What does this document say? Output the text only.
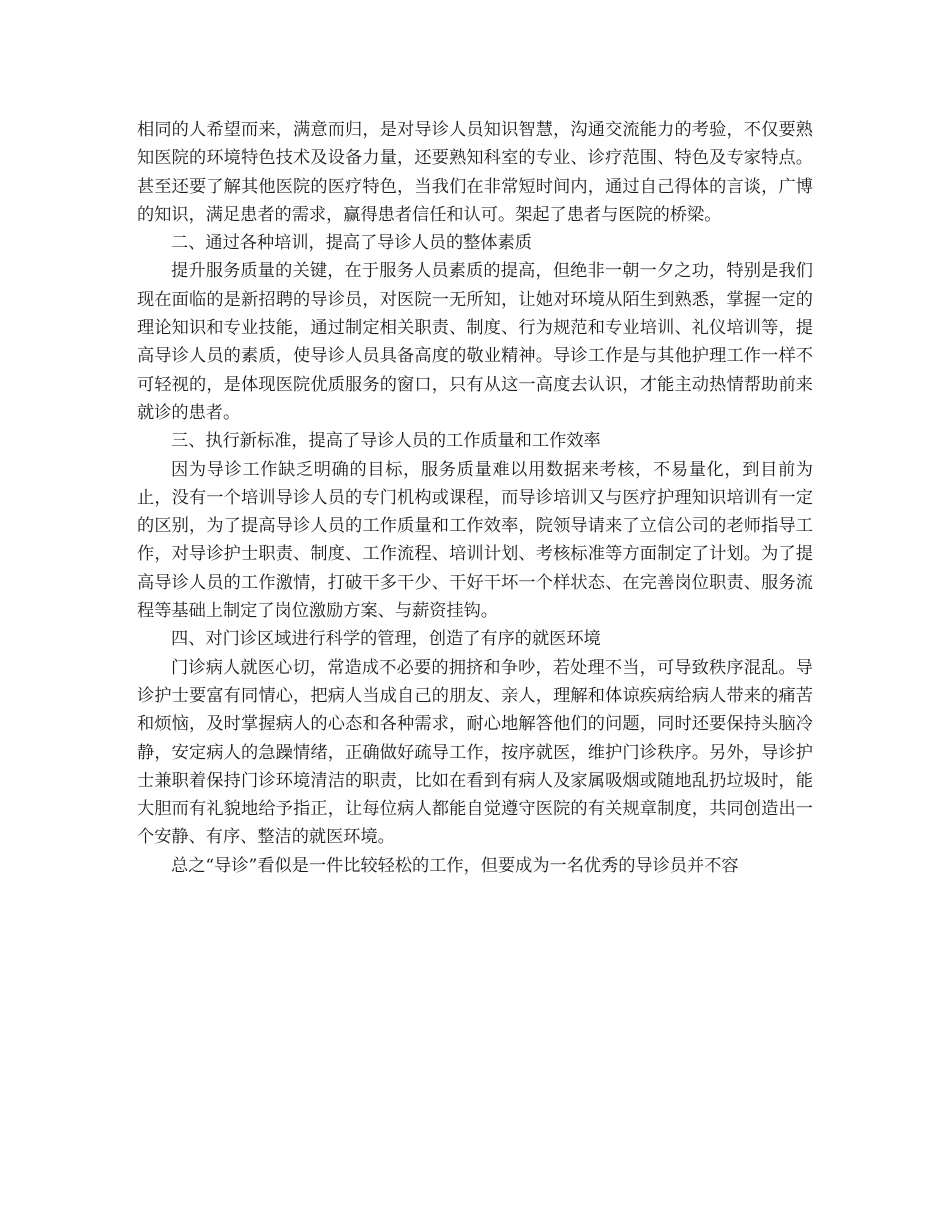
相同的人希望而来，满意而归，是对导诊人员知识智慧，沟通交流能力的考验，不仅要熟知医院的环境特色技术及设备力量，还要熟知科室的专业、诊疗范围、特色及专家特点。甚至还要了解其他医院的医疗特色，当我们在非常短时间内，通过自己得体的言谈，广博的知识，满足患者的需求，赢得患者信任和认可。架起了患者与医院的桥梁。

二、通过各种培训，提高了导诊人员的整体素质

提升服务质量的关键，在于服务人员素质的提高，但绝非一朝一夕之功，特别是我们现在面临的是新招聘的导诊员，对医院一无所知，让她对环境从陌生到熟悉，掌握一定的理论知识和专业技能，通过制定相关职责、制度、行为规范和专业培训、礼仪培训等，提高导诊人员的素质，使导诊人员具备高度的敬业精神。导诊工作是与其他护理工作一样不可轻视的，是体现医院优质服务的窗口，只有从这一高度去认识，才能主动热情帮助前来就诊的患者。

三、执行新标准，提高了导诊人员的工作质量和工作效率

因为导诊工作缺乏明确的目标，服务质量难以用数据来考核，不易量化，到目前为止，没有一个培训导诊人员的专门机构或课程，而导诊培训又与医疗护理知识培训有一定的区别，为了提高导诊人员的工作质量和工作效率，院领导请来了立信公司的老师指导工作，对导诊护士职责、制度、工作流程、培训计划、考核标准等方面制定了计划。为了提高导诊人员的工作激情，打破干多干少、干好干坏一个样状态、在完善岗位职责、服务流程等基础上制定了岗位激励方案、与薪资挂钩。

四、对门诊区域进行科学的管理，创造了有序的就医环境

门诊病人就医心切，常造成不必要的拥挤和争吵，若处理不当，可导致秩序混乱。导诊护士要富有同情心，把病人当成自己的朋友、亲人，理解和体谅疾病给病人带来的痛苦和烦恼，及时掌握病人的心态和各种需求，耐心地解答他们的问题，同时还要保持头脑冷静，安定病人的急躁情绪，正确做好疏导工作，按序就医，维护门诊秩序。另外，导诊护士兼职着保持门诊环境清洁的职责，比如在看到有病人及家属吸烟或随地乱扔垃圾时，能大胆而有礼貌地给予指正，让每位病人都能自觉遵守医院的有关规章制度，共同创造出一个安静、有序、整洁的就医环境。

总之“导诊”看似是一件比较轻松的工作，但要成为一名优秀的导诊员并不容
